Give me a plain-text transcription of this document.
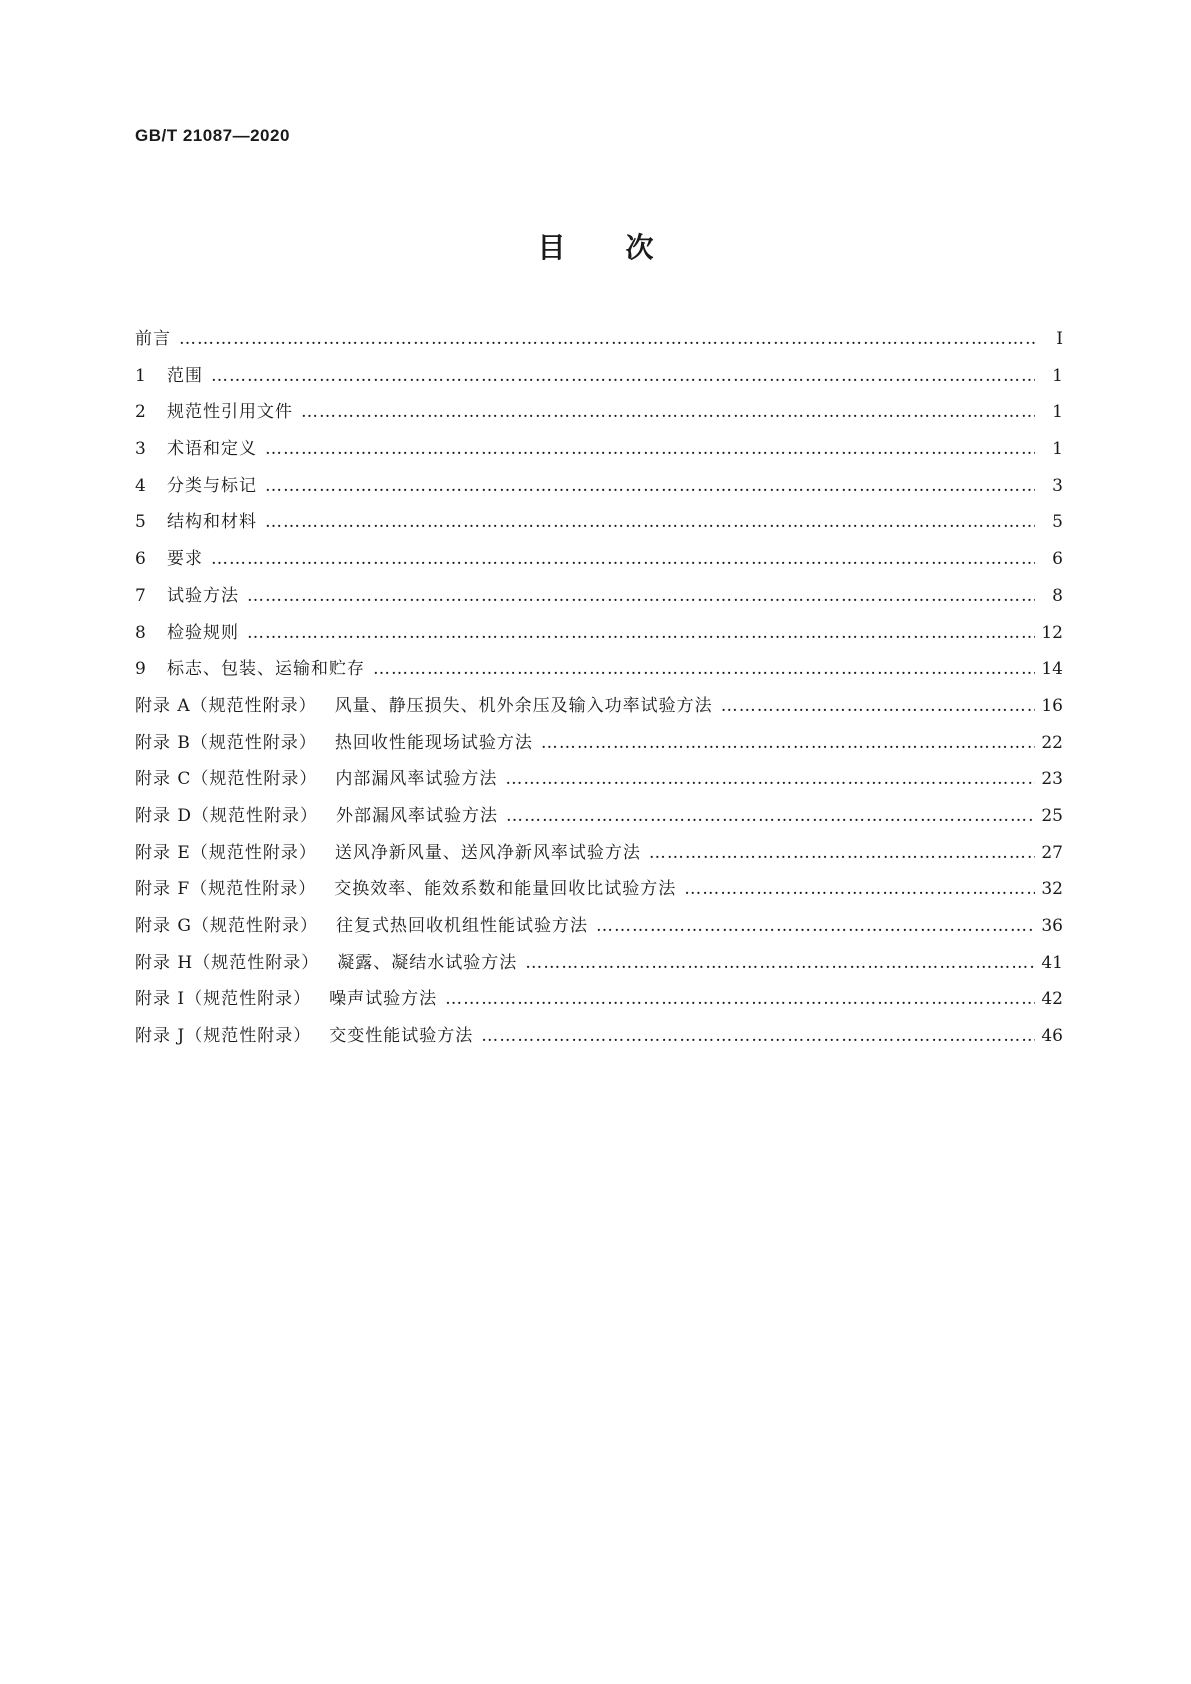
GB/T 21087—2020
目次
前言 ……………………………………………………………………………………………………………………………………………………………………………………………………………………	Ⅰ
1	范围 ……………………………………………………………………………………………………………………………………………………………………………………………………………………	1
2	规范性引用文件 ……………………………………………………………………………………………………………………………………………………………………………………………………………………	1
3	术语和定义 ……………………………………………………………………………………………………………………………………………………………………………………………………………………	1
4	分类与标记 ……………………………………………………………………………………………………………………………………………………………………………………………………………………	3
5	结构和材料 ……………………………………………………………………………………………………………………………………………………………………………………………………………………	5
6	要求 ……………………………………………………………………………………………………………………………………………………………………………………………………………………	6
7	试验方法 ……………………………………………………………………………………………………………………………………………………………………………………………………………………	8
8	检验规则 ……………………………………………………………………………………………………………………………………………………………………………………………………………………	12
9	标志、包装、运输和贮存 ……………………………………………………………………………………………………………………………………………………………………………………………………………………	14
附录 A（规范性附录） 风量、静压损失、机外余压及输入功率试验方法 ……………………………………………………………………………………………………………………………………………………………………………………………………………………	16
附录 B（规范性附录） 热回收性能现场试验方法 ……………………………………………………………………………………………………………………………………………………………………………………………………………………	22
附录 C（规范性附录） 内部漏风率试验方法 ……………………………………………………………………………………………………………………………………………………………………………………………………………………	23
附录 D（规范性附录） 外部漏风率试验方法 ……………………………………………………………………………………………………………………………………………………………………………………………………………………	25
附录 E（规范性附录） 送风净新风量、送风净新风率试验方法 ……………………………………………………………………………………………………………………………………………………………………………………………………………………	27
附录 F（规范性附录） 交换效率、能效系数和能量回收比试验方法 ……………………………………………………………………………………………………………………………………………………………………………………………………………………	32
附录 G（规范性附录） 往复式热回收机组性能试验方法 ……………………………………………………………………………………………………………………………………………………………………………………………………………………	36
附录 H（规范性附录） 凝露、凝结水试验方法 ……………………………………………………………………………………………………………………………………………………………………………………………………………………	41
附录 I（规范性附录） 噪声试验方法 ……………………………………………………………………………………………………………………………………………………………………………………………………………………	42
附录 J（规范性附录） 交变性能试验方法 ……………………………………………………………………………………………………………………………………………………………………………………………………………………	46
